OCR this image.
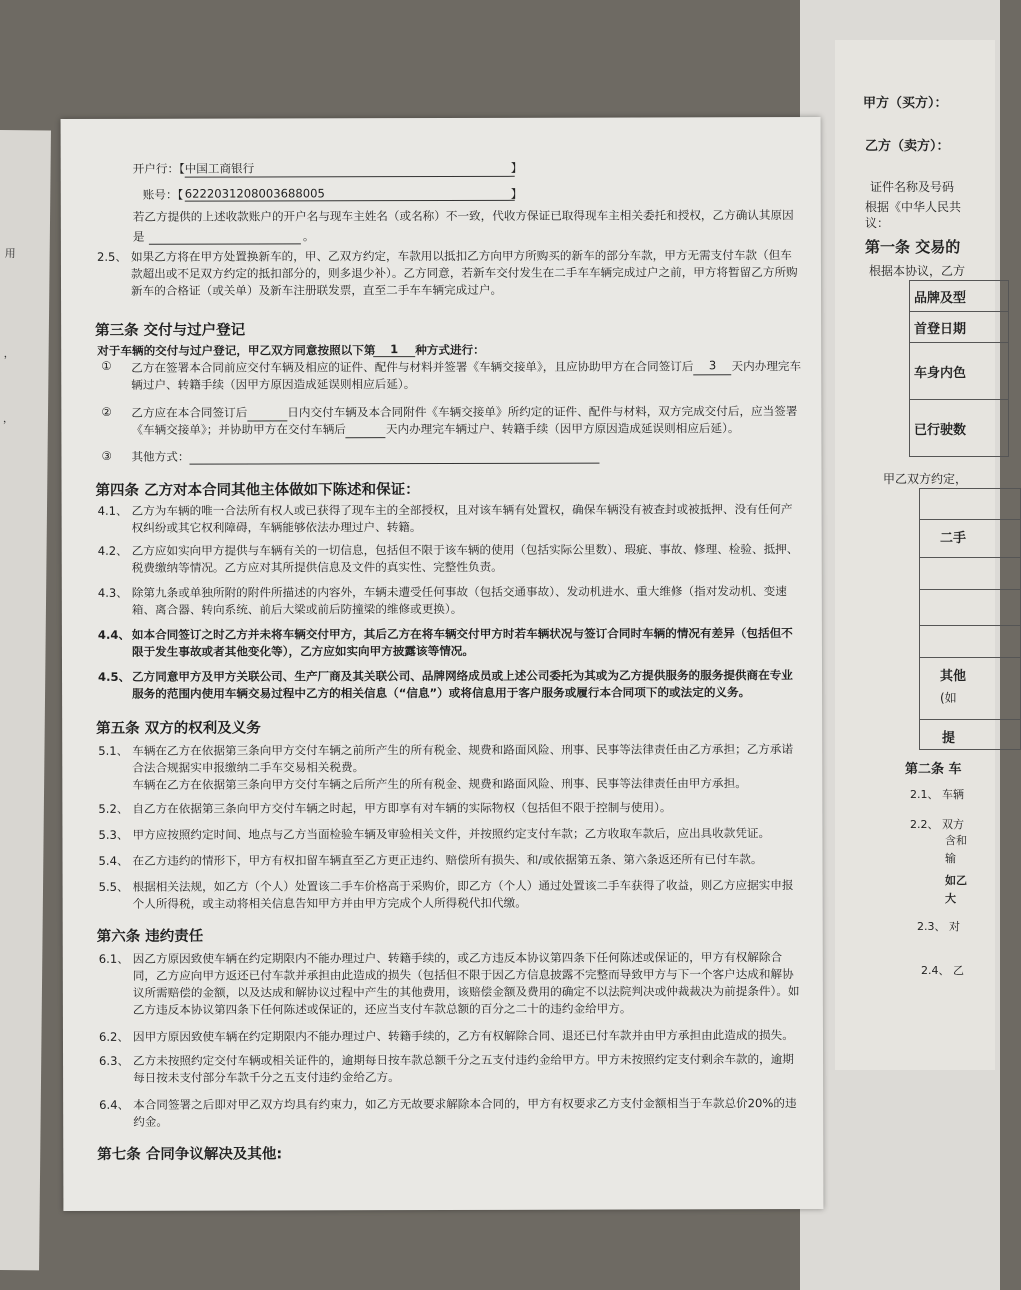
用
，
，
甲方（买方）：
乙方（卖方）：
证件名称及号码
根据《中华人民共
议：
第一条 交易的
根据本协议，乙方
品牌及型
首登日期
车身内色
已行驶数
甲乙双方约定，
二手
其他
(如
提
第二条 车
2.1、 车辆
2.2、 双方
含和
输
如乙
大
2.3、 对
2.4、 乙
开户行：【 中国工商银行	】
账号：【 6222031208003688005	】
若乙方提供的上述收款账户的开户名与现车主姓名（或名称）不一致，代收方保证已取得现车主相关委托和授权，乙方确认其原因
是	。
2.5、 如果乙方将在甲方处置换新车的，甲、乙双方约定，车款用以抵扣乙方向甲方所购买的新车的部分车款，甲方无需支付车款（但车款超出或不足双方约定的抵扣部分的，则多退少补）。乙方同意，若新车交付发生在二手车车辆完成过户之前，甲方将暂留乙方所购新车的合格证（或关单）及新车注册联发票，直至二手车车辆完成过户。
第三条 交付与过户登记
对于车辆的交付与过户登记，甲乙双方同意按照以下第	1	种方式进行：
① 乙方在签署本合同前应交付车辆及相应的证件、配件与材料并签署《车辆交接单》，且应协助甲方在合同签订后 3 天内办理完车辆过户、转籍手续（因甲方原因造成延误则相应后延）。
② 乙方应在本合同签订后	日内交付车辆及本合同附件《车辆交接单》所约定的证件、配件与材料，双方完成交付后，应当签署《车辆交接单》；并协助甲方在交付车辆后	天内办理完车辆过户、转籍手续（因甲方原因造成延误则相应后延）。
③ 其他方式：
第四条 乙方对本合同其他主体做如下陈述和保证：
4.1、 乙方为车辆的唯一合法所有权人或已获得了现车主的全部授权，且对该车辆有处置权，确保车辆没有被查封或被抵押、没有任何产权纠纷或其它权利障碍，车辆能够依法办理过户、转籍。
4.2、 乙方应如实向甲方提供与车辆有关的一切信息，包括但不限于该车辆的使用（包括实际公里数）、瑕疵、事故、修理、检验、抵押、税费缴纳等情况。乙方应对其所提供信息及文件的真实性、完整性负责。
4.3、 除第九条或单独所附的附件所描述的内容外，车辆未遭受任何事故（包括交通事故）、发动机进水、重大维修（指对发动机、变速箱、离合器、转向系统、前后大梁或前后防撞梁的维修或更换）。
4.4、 如本合同签订之时乙方并未将车辆交付甲方，其后乙方在将车辆交付甲方时若车辆状况与签订合同时车辆的情况有差异（包括但不限于发生事故或者其他变化等），乙方应如实向甲方披露该等情况。
4.5、 乙方同意甲方及甲方关联公司、生产厂商及其关联公司、品牌网络成员或上述公司委托为其或为乙方提供服务的服务提供商在专业服务的范围内使用车辆交易过程中乙方的相关信息（“信息”）或将信息用于客户服务或履行本合同项下的或法定的义务。
第五条 双方的权利及义务
5.1、 车辆在乙方在依据第三条向甲方交付车辆之前所产生的所有税金、规费和路面风险、刑事、民事等法律责任由乙方承担；乙方承诺合法合规据实申报缴纳二手车交易相关税费。
车辆在乙方在依据第三条向甲方交付车辆之后所产生的所有税金、规费和路面风险、刑事、民事等法律责任由甲方承担。
5.2、 自乙方在依据第三条向甲方交付车辆之时起，甲方即享有对车辆的实际物权（包括但不限于控制与使用）。
5.3、 甲方应按照约定时间、地点与乙方当面检验车辆及审验相关文件，并按照约定支付车款；乙方收取车款后，应出具收款凭证。
5.4、 在乙方违约的情形下，甲方有权扣留车辆直至乙方更正违约、赔偿所有损失、和/或依据第五条、第六条返还所有已付车款。
5.5、 根据相关法规，如乙方（个人）处置该二手车价格高于采购价，即乙方（个人）通过处置该二手车获得了收益，则乙方应据实申报个人所得税，或主动将相关信息告知甲方并由甲方完成个人所得税代扣代缴。
第六条 违约责任
6.1、 因乙方原因致使车辆在约定期限内不能办理过户、转籍手续的，或乙方违反本协议第四条下任何陈述或保证的，甲方有权解除合同，乙方应向甲方返还已付车款并承担由此造成的损失（包括但不限于因乙方信息披露不完整而导致甲方与下一个客户达成和解协议所需赔偿的金额，以及达成和解协议过程中产生的其他费用，该赔偿金额及费用的确定不以法院判决或仲裁裁决为前提条件）。如乙方违反本协议第四条下任何陈述或保证的，还应当支付车款总额的百分之二十的违约金给甲方。
6.2、 因甲方原因致使车辆在约定期限内不能办理过户、转籍手续的，乙方有权解除合同、退还已付车款并由甲方承担由此造成的损失。
6.3、 乙方未按照约定交付车辆或相关证件的，逾期每日按车款总额千分之五支付违约金给甲方。甲方未按照约定支付剩余车款的，逾期每日按未支付部分车款千分之五支付违约金给乙方。
6.4、 本合同签署之后即对甲乙双方均具有约束力，如乙方无故要求解除本合同的，甲方有权要求乙方支付金额相当于车款总价20%的违约金。
第七条 合同争议解决及其他:
